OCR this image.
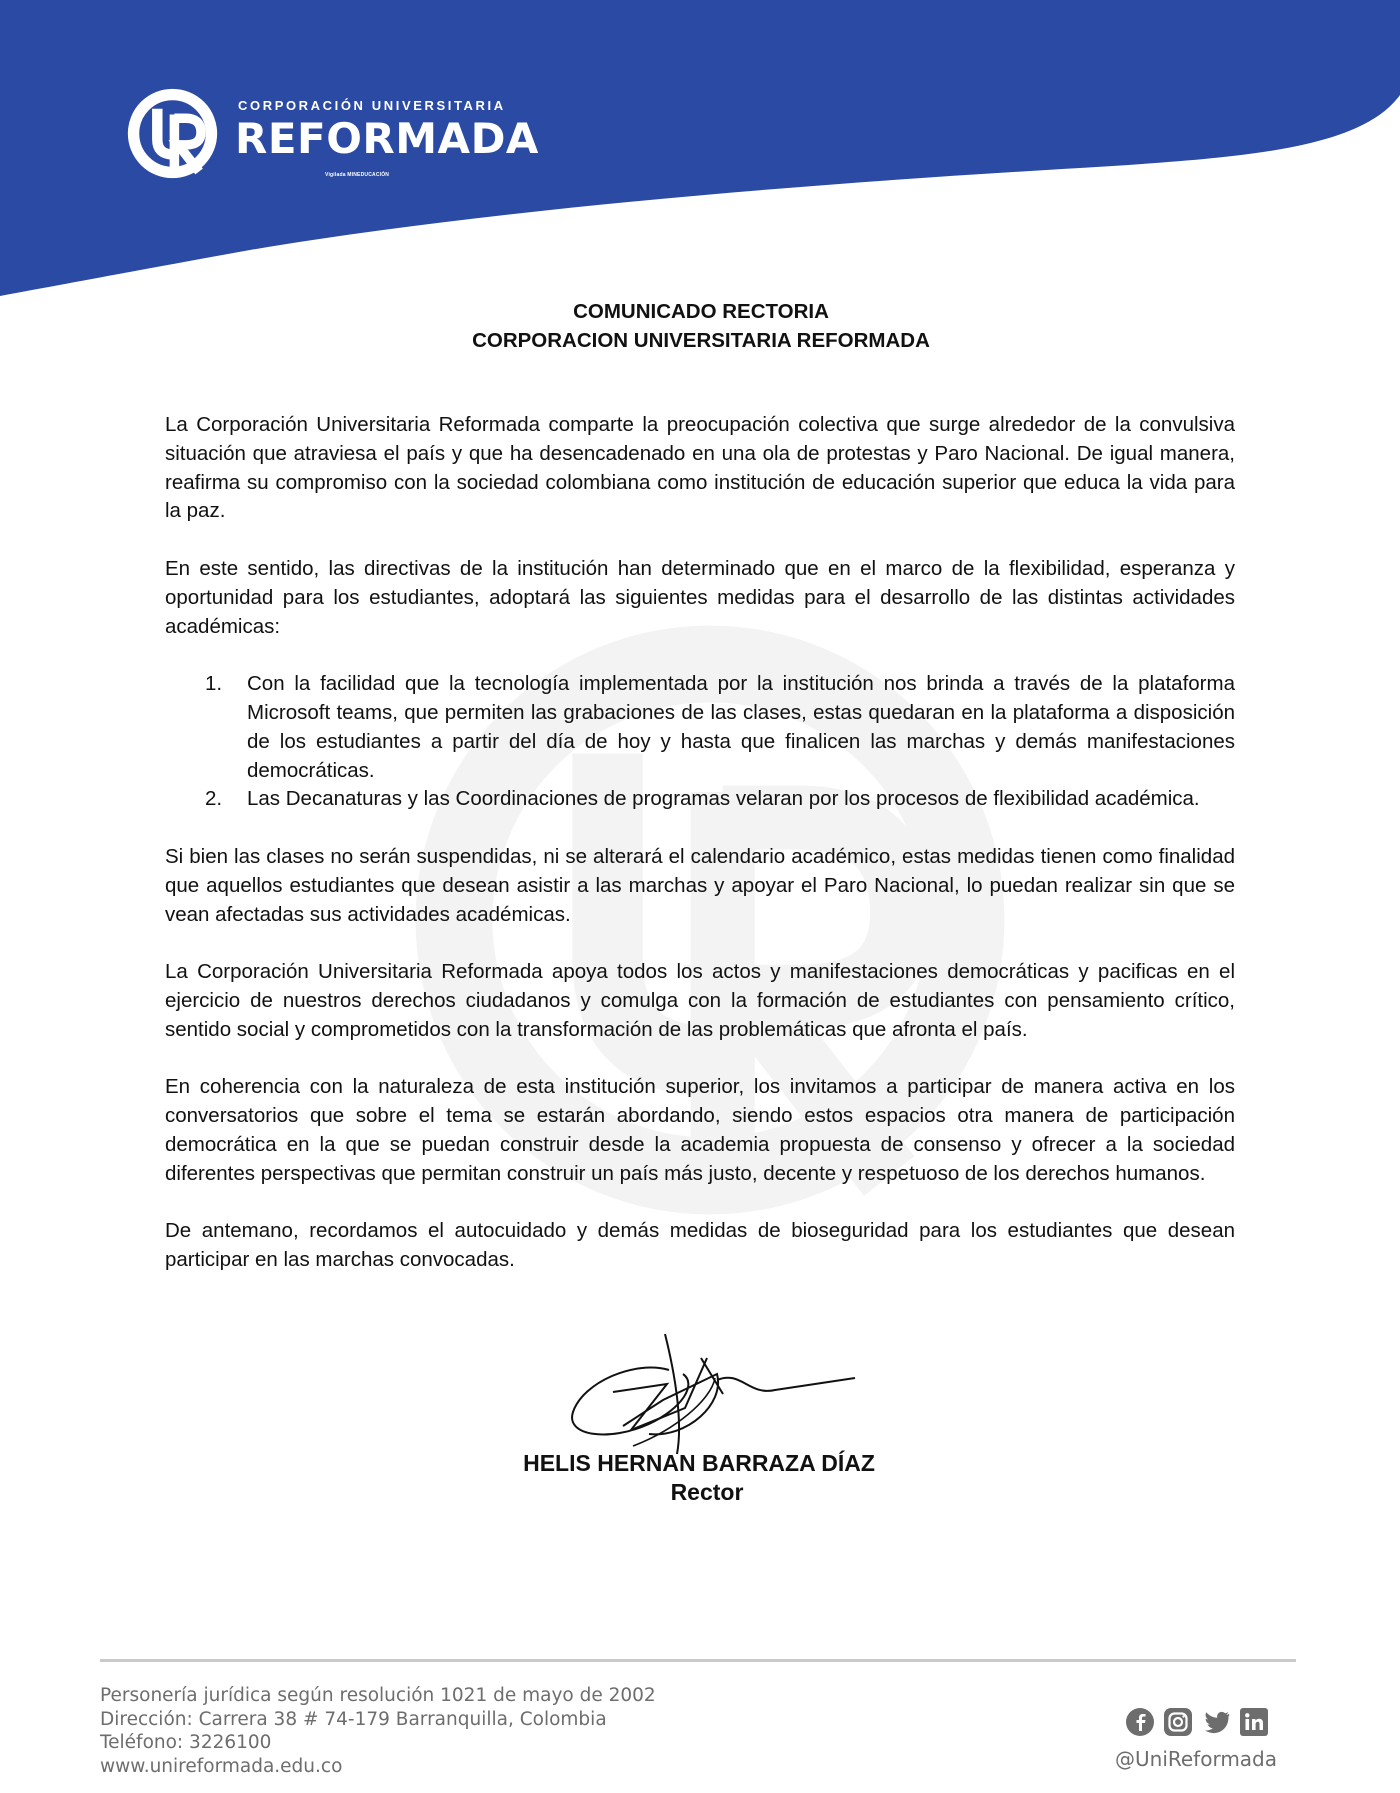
CORPORACIÓN UNIVERSITARIA
REFORMADA
Vigilada MINEDUCACIÓN
COMUNICADO RECTORIA
CORPORACION UNIVERSITARIA REFORMADA

La Corporación Universitaria Reformada comparte la preocupación colectiva que surge alrededor de la convulsiva situación que atraviesa el país y que ha desencadenado en una ola de protestas y Paro Nacional. De igual manera, reafirma su compromiso con la sociedad colombiana como institución de educación superior que educa la vida para la paz.

En este sentido, las directivas de la institución han determinado que en el marco de la flexibilidad, esperanza y oportunidad para los estudiantes, adoptará las siguientes medidas para el desarrollo de las distintas actividades académicas:

1. Con la facilidad que la tecnología implementada por la institución nos brinda a través de la plataforma Microsoft teams, que permiten las grabaciones de las clases, estas quedaran en la plataforma a disposición de los estudiantes a partir del día de hoy y hasta que finalicen las marchas y demás manifestaciones democráticas.
2. Las Decanaturas y las Coordinaciones de programas velaran por los procesos de flexibilidad académica.

Si bien las clases no serán suspendidas, ni se alterará el calendario académico, estas medidas tienen como finalidad que aquellos estudiantes que desean asistir a las marchas y apoyar el Paro Nacional, lo puedan realizar sin que se vean afectadas sus actividades académicas.

La Corporación Universitaria Reformada apoya todos los actos y manifestaciones democráticas y pacificas en el ejercicio de nuestros derechos ciudadanos y comulga con la formación de estudiantes con pensamiento crítico, sentido social y comprometidos con la transformación de las problemáticas que afronta el país.

En coherencia con la naturaleza de esta institución superior, los invitamos a participar de manera activa en los conversatorios que sobre el tema se estarán abordando, siendo estos espacios otra manera de participación democrática en la que se puedan construir desde la academia propuesta de consenso y ofrecer a la sociedad diferentes perspectivas que permitan construir un país más justo, decente y respetuoso de los derechos humanos.

De antemano, recordamos el autocuidado y demás medidas de bioseguridad para los estudiantes que desean participar en las marchas convocadas.

HELIS HERNAN BARRAZA DÍAZ
Rector
Personería jurídica según resolución 1021 de mayo de 2002
Dirección: Carrera 38 # 74-179 Barranquilla, Colombia
Teléfono: 3226100
www.unireformada.edu.co	@UniReformada
